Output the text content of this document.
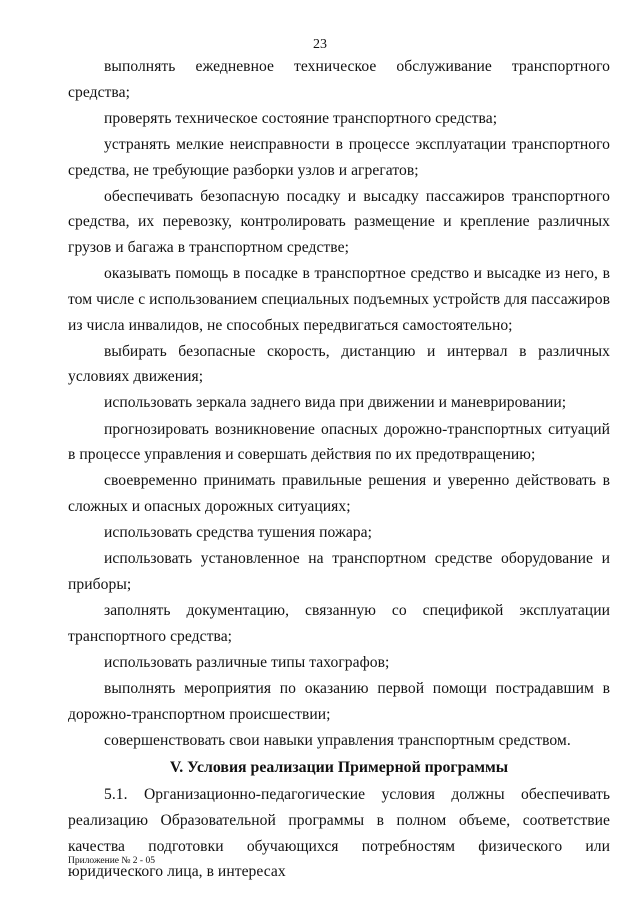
23

выполнять ежедневное техническое обслуживание транспортного средства;

проверять техническое состояние транспортного средства;

устранять мелкие неисправности в процессе эксплуатации транспортного средства, не требующие разборки узлов и агрегатов;

обеспечивать безопасную посадку и высадку пассажиров транспортного средства, их перевозку, контролировать размещение и крепление различных грузов и багажа в транспортном средстве;

оказывать помощь в посадке в транспортное средство и высадке из него, в том числе с использованием специальных подъемных устройств для пассажиров из числа инвалидов, не способных передвигаться самостоятельно;

выбирать безопасные скорость, дистанцию и интервал в различных условиях движения;

использовать зеркала заднего вида при движении и маневрировании;

прогнозировать возникновение опасных дорожно-транспортных ситуаций в процессе управления и совершать действия по их предотвращению;

своевременно принимать правильные решения и уверенно действовать в сложных и опасных дорожных ситуациях;

использовать средства тушения пожара;

использовать установленное на транспортном средстве оборудование и приборы;

заполнять документацию, связанную со спецификой эксплуатации транспортного средства;

использовать различные типы тахографов;

выполнять мероприятия по оказанию первой помощи пострадавшим в дорожно-транспортном происшествии;

совершенствовать свои навыки управления транспортным средством.

V. Условия реализации Примерной программы

5.1. Организационно-педагогические условия должны обеспечивать реализацию Образовательной программы в полном объеме, соответствие качества подготовки обучающихся потребностям физического или юридического лица, в интересах

Приложение № 2 - 05
